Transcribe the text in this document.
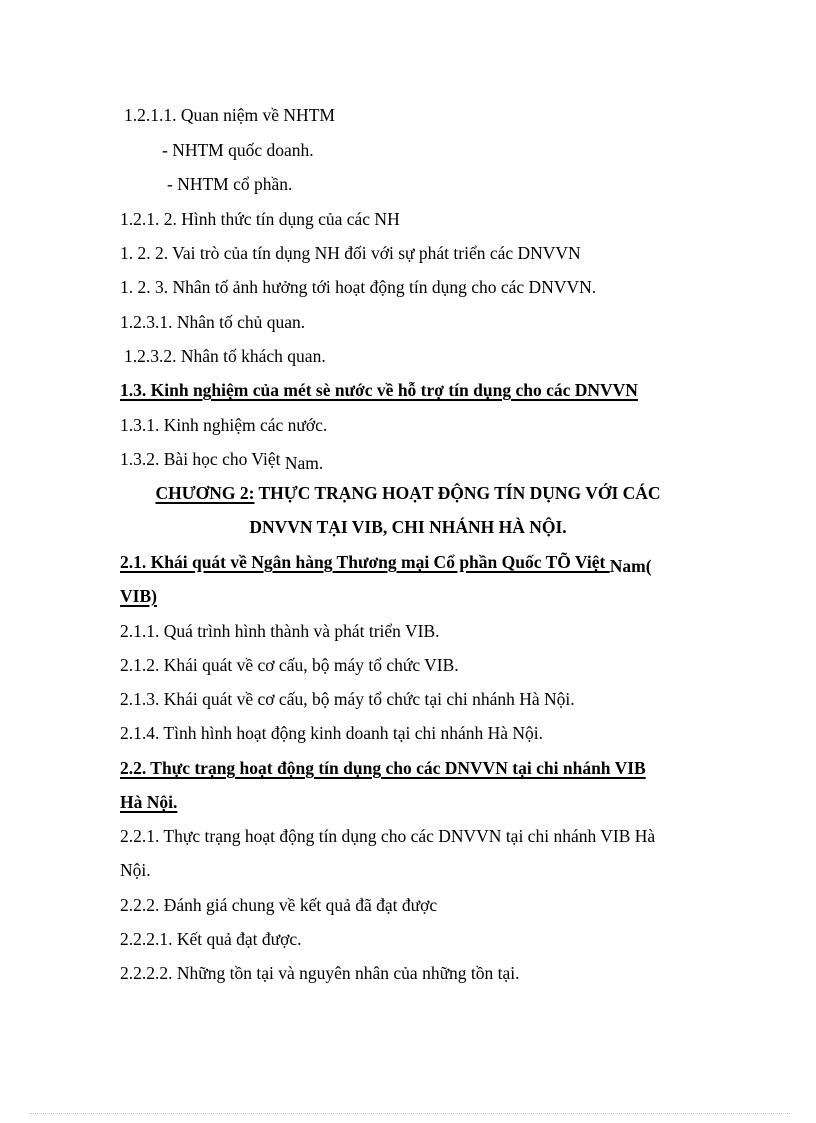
1.2.1.1. Quan niệm về NHTM
- NHTM quốc doanh.
- NHTM cổ phần.
1.2.1. 2. Hình thức tín dụng của các NH
1. 2. 2. Vai trò của tín dụng NH đối với sự phát triển các DNVVN
1. 2. 3. Nhân tố ảnh hưởng tới hoạt động tín dụng cho các DNVVN.
1.2.3.1. Nhân tố chủ quan.
1.2.3.2. Nhân tố khách quan.
1.3. Kinh nghiệm của mét sè nước về hỗ trợ tín dụng cho các DNVVN
1.3.1. Kinh nghiệm các nước.
1.3.2. Bài học cho Việt Nam.
CHƯƠNG 2: THỰC TRẠNG HOẠT ĐỘNG TÍN DỤNG VỚI CÁC
DNVVN TẠI VIB, CHI NHÁNH HÀ NỘI.
2.1. Khái quát về Ngân hàng Thương mại Cổ phần Quốc TÕ Việt Nam(
VIB)
2.1.1. Quá trình hình thành và phát triển VIB.
2.1.2. Khái quát về cơ cấu, bộ máy tổ chức VIB.
2.1.3. Khái quát về cơ cấu, bộ máy tổ chức tại chi nhánh Hà Nội.
2.1.4. Tình hình hoạt động kinh doanh tại chi nhánh Hà Nội.
2.2. Thực trạng hoạt động tín dụng cho các DNVVN tại chi nhánh VIB
Hà Nội.
2.2.1. Thực trạng hoạt động tín dụng cho các DNVVN tại chi nhánh VIB Hà
Nội.
2.2.2. Đánh giá chung về kết quả đã đạt được
2.2.2.1. Kết quả đạt được.
2.2.2.2. Những tồn tại và nguyên nhân của những tồn tại.
